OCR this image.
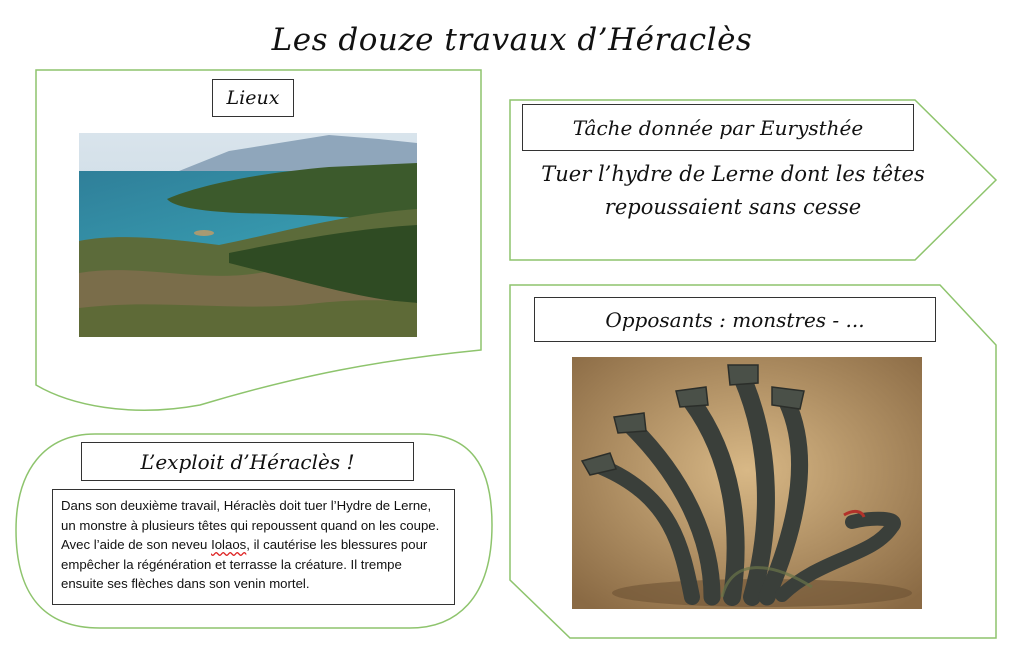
Les douze travaux d’Héraclès
Lieux
Tâche donnée par Eurysthée
Tuer l’hydre de Lerne dont les têtes repoussaient sans cesse
Opposants : monstres - ...
L’exploit d’Héraclès !
Dans son deuxième travail, Héraclès doit tuer l’Hydre de Lerne, un monstre à plusieurs têtes qui repoussent quand on les coupe. Avec l’aide de son neveu Iolaos, il cautérise les blessures pour empêcher la régénération et terrasse la créature. Il trempe ensuite ses flèches dans son venin mortel.
